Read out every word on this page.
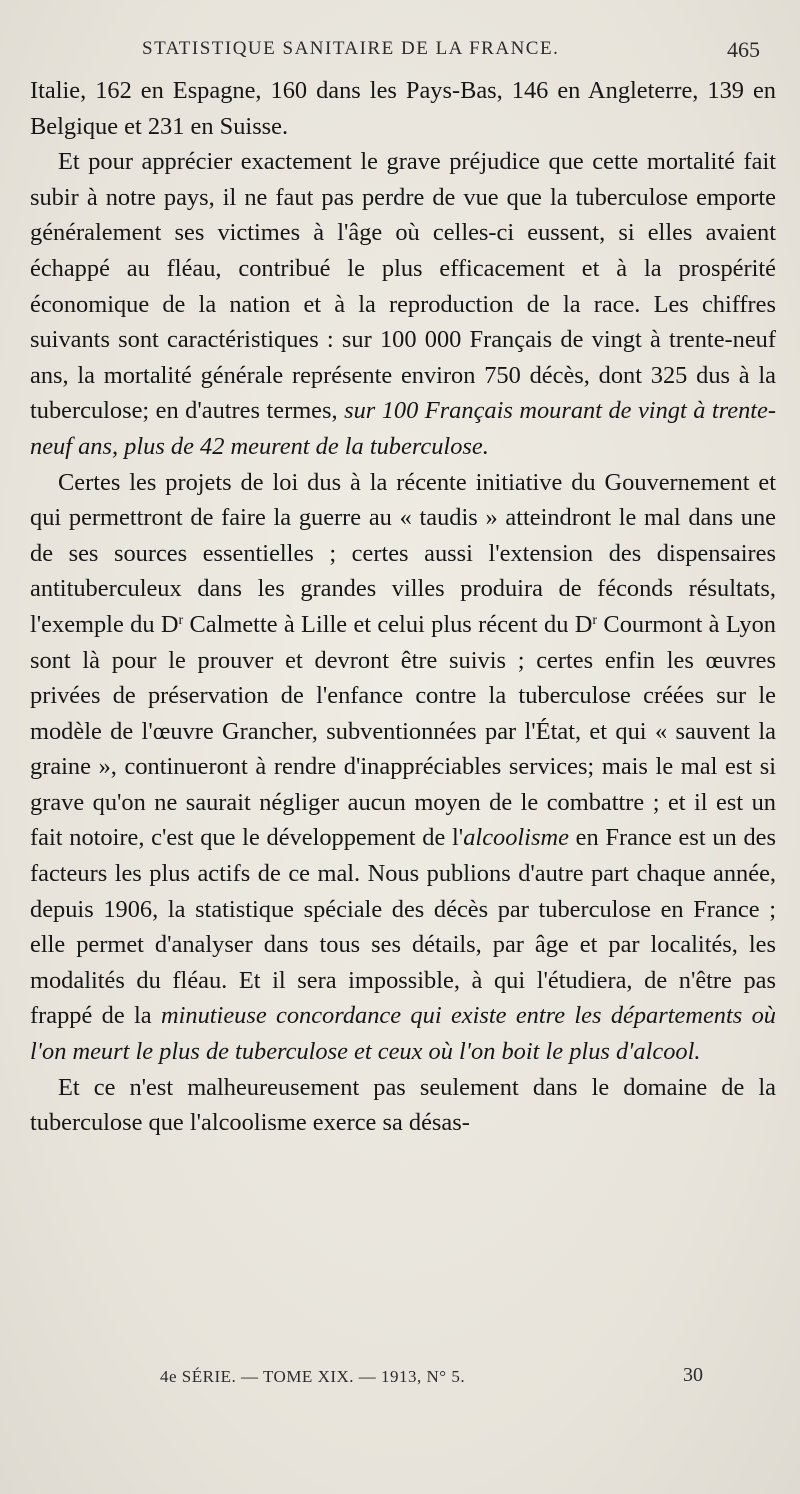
STATISTIQUE SANITAIRE DE LA FRANCE.	465

Italie, 162 en Espagne, 160 dans les Pays-Bas, 146 en Angleterre, 139 en Belgique et 231 en Suisse.

Et pour apprécier exactement le grave préjudice que cette mortalité fait subir à notre pays, il ne faut pas perdre de vue que la tuberculose emporte généralement ses victimes à l'âge où celles-ci eussent, si elles avaient échappé au fléau, contribué le plus efficacement et à la prospérité économique de la nation et à la reproduction de la race. Les chiffres suivants sont caractéristiques : sur 100 000 Français de vingt à trente-neuf ans, la mortalité générale représente environ 750 décès, dont 325 dus à la tuberculose; en d'autres termes, sur 100 Français mourant de vingt à trente-neuf ans, plus de 42 meurent de la tuberculose.

Certes les projets de loi dus à la récente initiative du Gouvernement et qui permettront de faire la guerre au « taudis » atteindront le mal dans une de ses sources essentielles ; certes aussi l'extension des dispensaires antituberculeux dans les grandes villes produira de féconds résultats, l'exemple du $D^r$ Calmette à Lille et celui plus récent du $D^r$ Courmont à Lyon sont là pour le prouver et devront être suivis ; certes enfin les œuvres privées de préservation de l'enfance contre la tuberculose créées sur le modèle de l'œuvre Grancher, subventionnées par l'État, et qui « sauvent la graine », continueront à rendre d'inappréciables services; mais le mal est si grave qu'on ne saurait négliger aucun moyen de le combattre ; et il est un fait notoire, c'est que le développement de l'alcoolisme en France est un des facteurs les plus actifs de ce mal. Nous publions d'autre part chaque année, depuis 1906, la statistique spéciale des décès par tuberculose en France ; elle permet d'analyser dans tous ses détails, par âge et par localités, les modalités du fléau. Et il sera impossible, à qui l'étudiera, de n'être pas frappé de la minutieuse concordance qui existe entre les départements où l'on meurt le plus de tuberculose et ceux où l'on boit le plus d'alcool.

Et ce n'est malheureusement pas seulement dans le domaine de la tuberculose que l'alcoolisme exerce sa désas-

4e SÉRIE. — TOME XIX. — 1913, N° 5.	30
